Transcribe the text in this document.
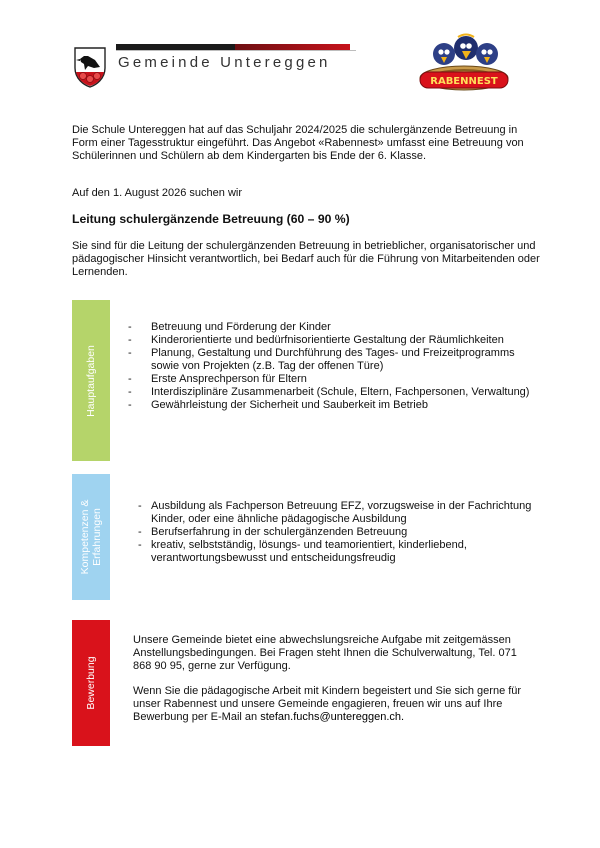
Gemeinde Untereggen
RABENNEST
Die Schule Untereggen hat auf das Schuljahr 2024/2025 die schulergänzende Betreuung in Form einer Tagesstruktur eingeführt. Das Angebot «Rabennest» umfasst eine Betreuung von Schülerinnen und Schülern ab dem Kindergarten bis Ende der 6. Klasse.
Auf den 1. August 2026 suchen wir
Leitung schulergänzende Betreuung (60 – 90 %)
Sie sind für die Leitung der schulergänzenden Betreuung in betrieblicher, organisatorischer und pädagogischer Hinsicht verantwortlich, bei Bedarf auch für die Führung von Mitarbeitenden oder Lernenden.
Hauptaufgaben
- Betreuung und Förderung der Kinder
- Kinderorientierte und bedürfnisorientierte Gestaltung der Räumlichkeiten
- Planung, Gestaltung und Durchführung des Tages- und Freizeitprogramms sowie von Projekten (z.B. Tag der offenen Türe)
- Erste Ansprechperson für Eltern
- Interdisziplinäre Zusammenarbeit (Schule, Eltern, Fachpersonen, Verwaltung)
- Gewährleistung der Sicherheit und Sauberkeit im Betrieb
Kompetenzen & Erfahrungen
- Ausbildung als Fachperson Betreuung EFZ, vorzugsweise in der Fachrichtung Kinder, oder eine ähnliche pädagogische Ausbildung
- Berufserfahrung in der schulergänzenden Betreuung
- kreativ, selbstständig, lösungs- und teamorientiert, kinderliebend, verantwortungsbewusst und entscheidungsfreudig
Bewerbung
Unsere Gemeinde bietet eine abwechslungsreiche Aufgabe mit zeitgemässen Anstellungsbedingungen. Bei Fragen steht Ihnen die Schulverwaltung, Tel. 071 868 90 95, gerne zur Verfügung.
Wenn Sie die pädagogische Arbeit mit Kindern begeistert und Sie sich gerne für unser Rabennest und unsere Gemeinde engagieren, freuen wir uns auf Ihre Bewerbung per E-Mail an stefan.fuchs@untereggen.ch.
